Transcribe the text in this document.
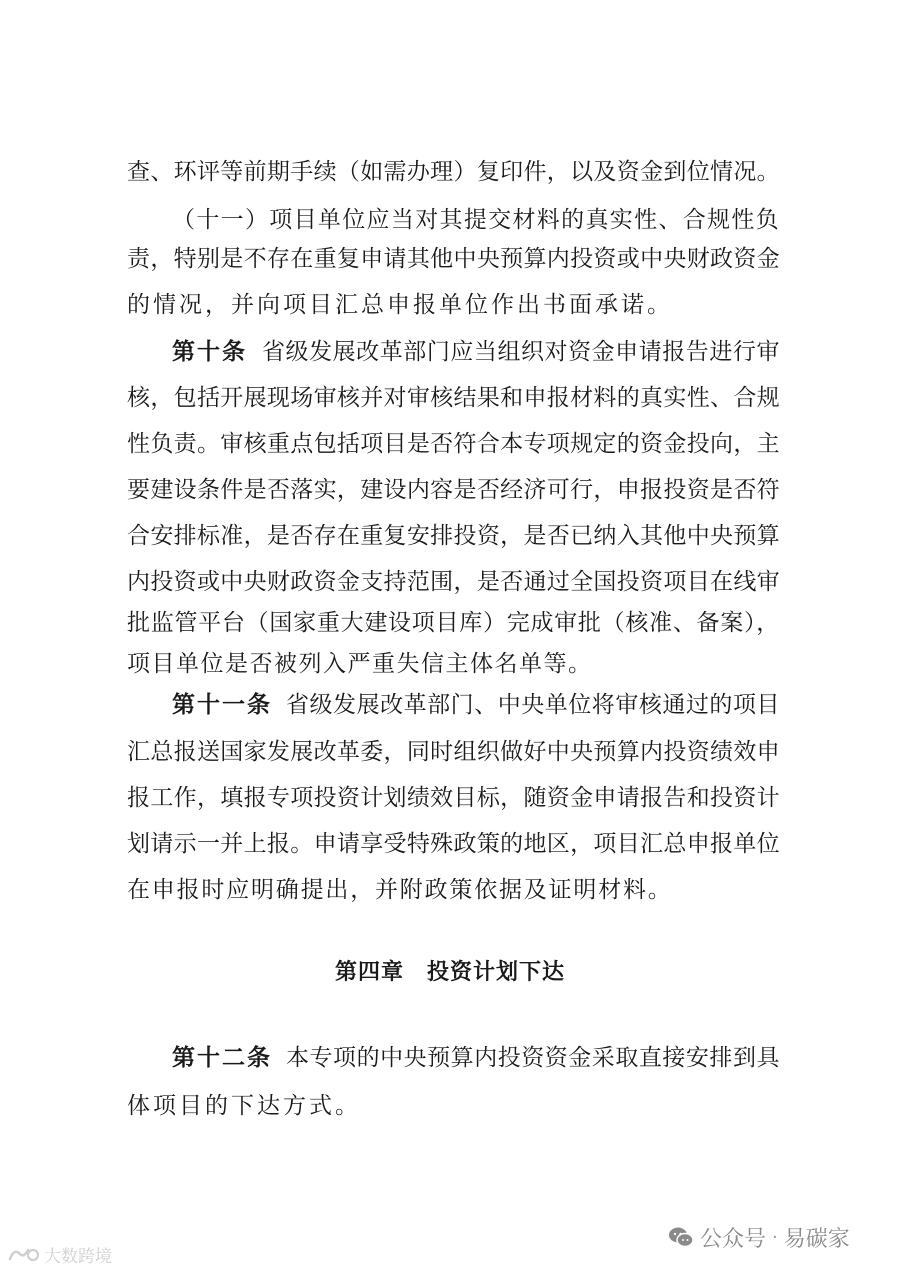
查、环评等前期手续（如需办理）复印件，以及资金到位情况。
（十一）项目单位应当对其提交材料的真实性、合规性负
责，特别是不存在重复申请其他中央预算内投资或中央财政资金
的情况，并向项目汇总申报单位作出书面承诺。
第十条 省级发展改革部门应当组织对资金申请报告进行审
核，包括开展现场审核并对审核结果和申报材料的真实性、合规
性负责。审核重点包括项目是否符合本专项规定的资金投向，主
要建设条件是否落实，建设内容是否经济可行，申报投资是否符
合安排标准，是否存在重复安排投资，是否已纳入其他中央预算
内投资或中央财政资金支持范围，是否通过全国投资项目在线审
批监管平台（国家重大建设项目库）完成审批（核准、备案），
项目单位是否被列入严重失信主体名单等。
第十一条 省级发展改革部门、中央单位将审核通过的项目
汇总报送国家发展改革委，同时组织做好中央预算内投资绩效申
报工作，填报专项投资计划绩效目标，随资金申请报告和投资计
划请示一并上报。申请享受特殊政策的地区，项目汇总申报单位
在申报时应明确提出，并附政策依据及证明材料。
第四章　投资计划下达
第十二条 本专项的中央预算内投资资金采取直接安排到具
体项目的下达方式。
大数跨境
公众号 · 易碳家
